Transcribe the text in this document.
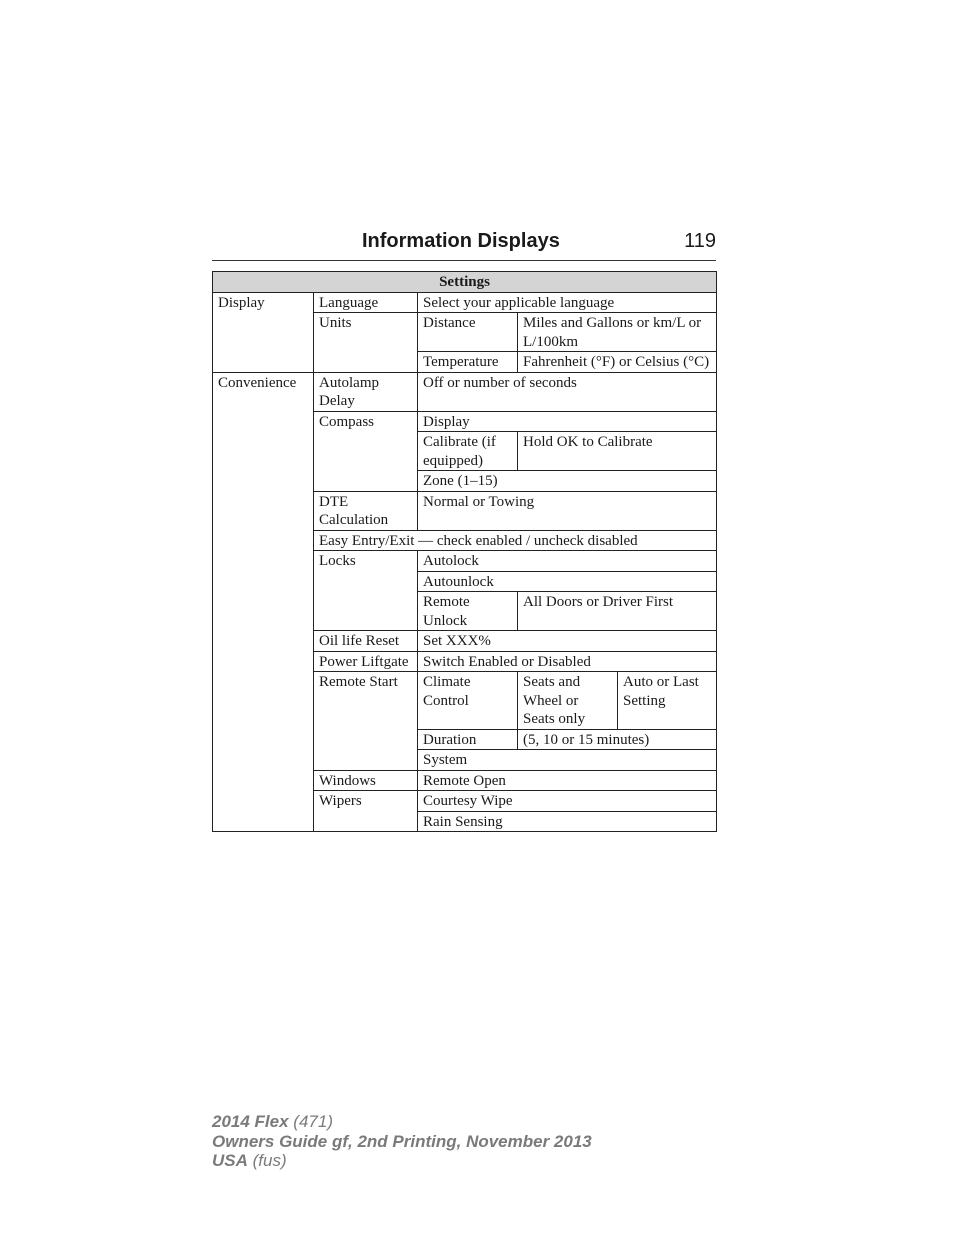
Information Displays	119
Settings				
Display	Language	Select your applicable language		
	Units	Distance	Miles and Gallons or km/L or L/100km	
		Temperature	Fahrenheit (°F) or Celsius (°C)	
Convenience	Autolamp Delay	Off or number of seconds		
	Compass	Display		
		Calibrate (if equipped)	Hold OK to Calibrate	
		Zone (1–15)		
	DTE Calculation	Normal or Towing		
	Easy Entry/Exit — check enabled / uncheck disabled			
	Locks	Autolock		
		Autounlock		
		Remote Unlock	All Doors or Driver First	
	Oil life Reset	Set XXX%		
	Power Liftgate	Switch Enabled or Disabled		
	Remote Start	Climate Control	Seats and Wheel or Seats only	Auto or Last Setting
		Duration	(5, 10 or 15 minutes)	
		System		
	Windows	Remote Open		
	Wipers	Courtesy Wipe		
		Rain Sensing		
2014 Flex (471)
Owners Guide gf, 2nd Printing, November 2013
USA (fus)
